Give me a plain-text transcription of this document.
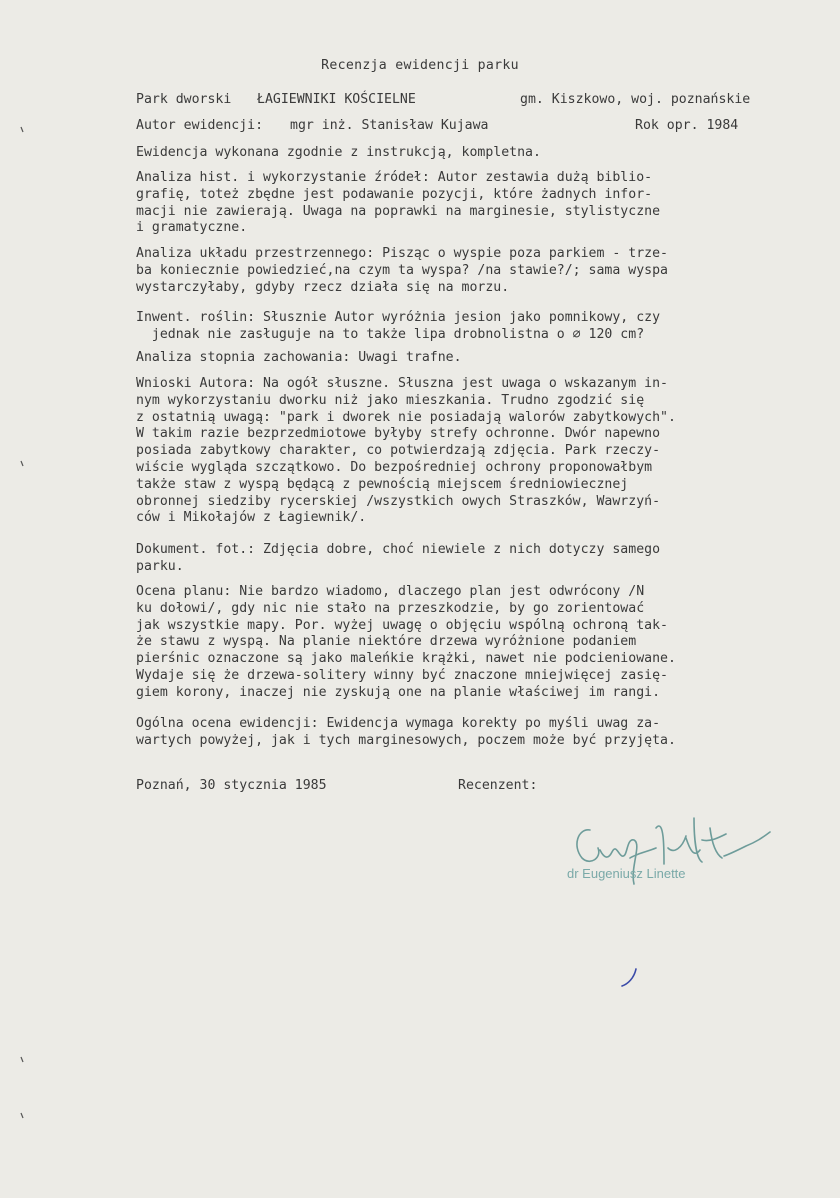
Recenzja ewidencji parku
Park dworski ŁAGIEWNIKI KOŚCIELNE	gm. Kiszkowo, woj. poznańskie
Autor ewidencji: mgr inż. Stanisław Kujawa	Rok opr. 1984
Ewidencja wykonana zgodnie z instrukcją, kompletna.
Analiza hist. i wykorzystanie źródeł: Autor zestawia dużą biblio-
grafię, toteż zbędne jest podawanie pozycji, które żadnych infor-
macji nie zawierają. Uwaga na poprawki na marginesie, stylistyczne
i gramatyczne.
Analiza układu przestrzennego: Pisząc o wyspie poza parkiem - trze-
ba koniecznie powiedzieć,na czym ta wyspa? /na stawie?/; sama wyspa
wystarczyłaby, gdyby rzecz działa się na morzu.
Inwent. roślin: Słusznie Autor wyróżnia jesion jako pomnikowy, czy
jednak nie zasługuje na to także lipa drobnolistna o ∅ 120 cm?
Analiza stopnia zachowania: Uwagi trafne.
Wnioski Autora: Na ogół słuszne. Słuszna jest uwaga o wskazanym in-
nym wykorzystaniu dworku niż jako mieszkania. Trudno zgodzić się
z ostatnią uwagą: "park i dworek nie posiadają walorów zabytkowych".
W takim razie bezprzedmiotowe byłyby strefy ochronne. Dwór napewno
posiada zabytkowy charakter, co potwierdzają zdjęcia. Park rzeczy-
wiście wygląda szczątkowo. Do bezpośredniej ochrony proponowałbym
także staw z wyspą będącą z pewnością miejscem średniowiecznej
obronnej siedziby rycerskiej /wszystkich owych Straszków, Wawrzyń-
ców i Mikołajów z Łagiewnik/.
Dokument. fot.: Zdjęcia dobre, choć niewiele z nich dotyczy samego
parku.
Ocena planu: Nie bardzo wiadomo, dlaczego plan jest odwrócony /N
ku dołowi/, gdy nic nie stało na przeszkodzie, by go zorientować
jak wszystkie mapy. Por. wyżej uwagę o objęciu wspólną ochroną tak-
że stawu z wyspą. Na planie niektóre drzewa wyróżnione podaniem
pierśnic oznaczone są jako maleńkie krążki, nawet nie podcieniowane.
Wydaje się że drzewa-solitery winny być znaczone mniejwięcej zasię-
giem korony, inaczej nie zyskują one na planie właściwej im rangi.
Ogólna ocena ewidencji: Ewidencja wymaga korekty po myśli uwag za-
wartych powyżej, jak i tych marginesowych, poczem może być przyjęta.
Poznań, 30 stycznia 1985	Recenzent:
dr Eugeniusz Linette
